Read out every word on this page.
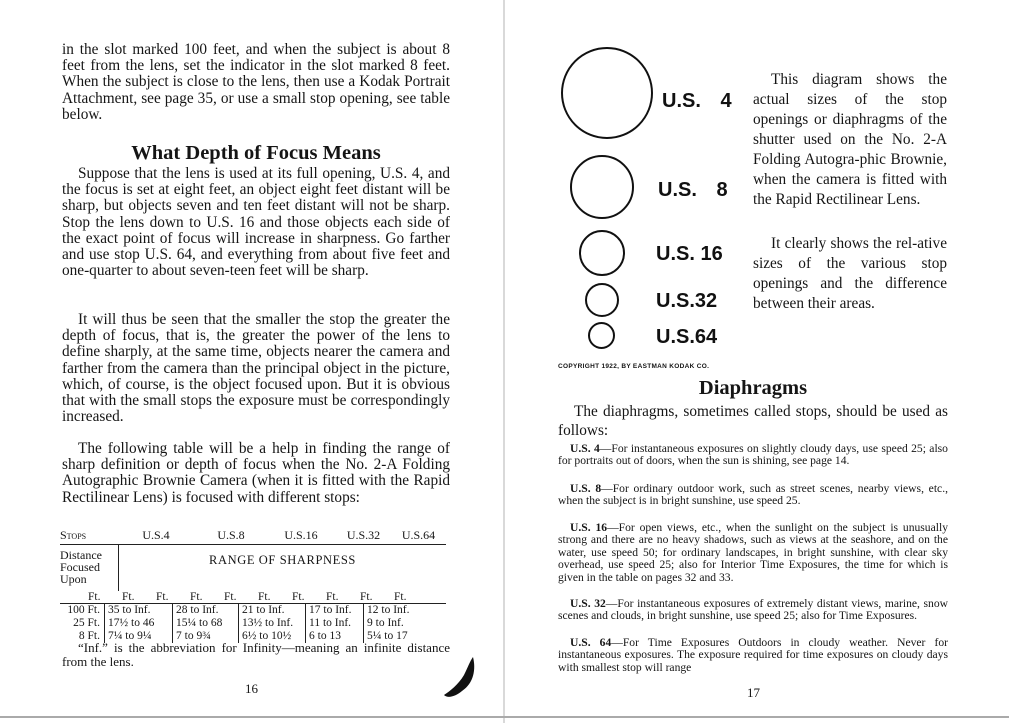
in the slot marked 100 feet, and when the subject is about 8 feet from the lens, set the indicator in the slot marked 8 feet. When the subject is close to the lens, then use a Kodak Portrait Attachment, see page 35, or use a small stop opening, see table below.

What Depth of Focus Means

Suppose that the lens is used at its full opening, U.S. 4, and the focus is set at eight feet, an object eight feet distant will be sharp, but objects seven and ten feet distant will not be sharp. Stop the lens down to U.S. 16 and those objects each side of the exact point of focus will increase in sharpness. Go farther and use stop U.S. 64, and everything from about five feet and one-quarter to about seven-teen feet will be sharp.

It will thus be seen that the smaller the stop the greater the depth of focus, that is, the greater the power of the lens to define sharply, at the same time, objects nearer the camera and farther from the camera than the principal object in the picture, which, of course, is the object focused upon. But it is obvious that with the small stops the exposure must be correspondingly increased.

The following table will be a help in finding the range of sharp definition or depth of focus when the No. 2-A Folding Autographic Brownie Camera (when it is fitted with the Rapid Rectilinear Lens) is focused with different stops:

Stops	U.S.4	U.S.8	U.S.16	U.S.32	U.S.64
Distance
Focused
Upon
RANGE OF SHARPNESS
Ft.	Ft.	Ft.	Ft.	Ft.	Ft.	Ft.	Ft.	Ft.	Ft.
100 Ft. 35 to Inf.	28 to Inf.	21 to Inf.	17 to Inf.	12 to Inf.
25 Ft. 17½ to 46	15¼ to 68	13½ to Inf.	11 to Inf.	9 to Inf.
8 Ft. 7¼ to 9¼	7 to 9¾	6½ to 10½	6 to 13	5¼ to 17

“Inf.” is the abbreviation for Infinity—meaning an infinite distance from the lens.

16
U.S. 4
U.S. 8
U.S. 16
U.S.32
U.S.64

This diagram shows the actual sizes of the stop openings or diaphragms of the shutter used on the No. 2-A Folding Autogra-phic Brownie, when the camera is fitted with the Rapid Rectilinear Lens.

It clearly shows the rel-ative sizes of the various stop openings and the difference between their areas.

COPYRIGHT 1922, BY EASTMAN KODAK CO.
Diaphragms

The diaphragms, sometimes called stops, should be used as follows:

U.S. 4—For instantaneous exposures on slightly cloudy days, use speed 25; also for portraits out of doors, when the sun is shining, see page 14.

U.S. 8—For ordinary outdoor work, such as street scenes, nearby views, etc., when the subject is in bright sunshine, use speed 25.

U.S. 16—For open views, etc., when the sunlight on the subject is unusually strong and there are no heavy shadows, such as views at the seashore, and on the water, use speed 50; for ordinary landscapes, in bright sunshine, with clear sky overhead, use speed 25; also for Interior Time Exposures, the time for which is given in the table on pages 32 and 33.

U.S. 32—For instantaneous exposures of extremely distant views, marine, snow scenes and clouds, in bright sunshine, use speed 25; also for Time Exposures.

U.S. 64—For Time Exposures Outdoors in cloudy weather. Never for instantaneous exposures. The exposure required for time exposures on cloudy days with smallest stop will range

17
